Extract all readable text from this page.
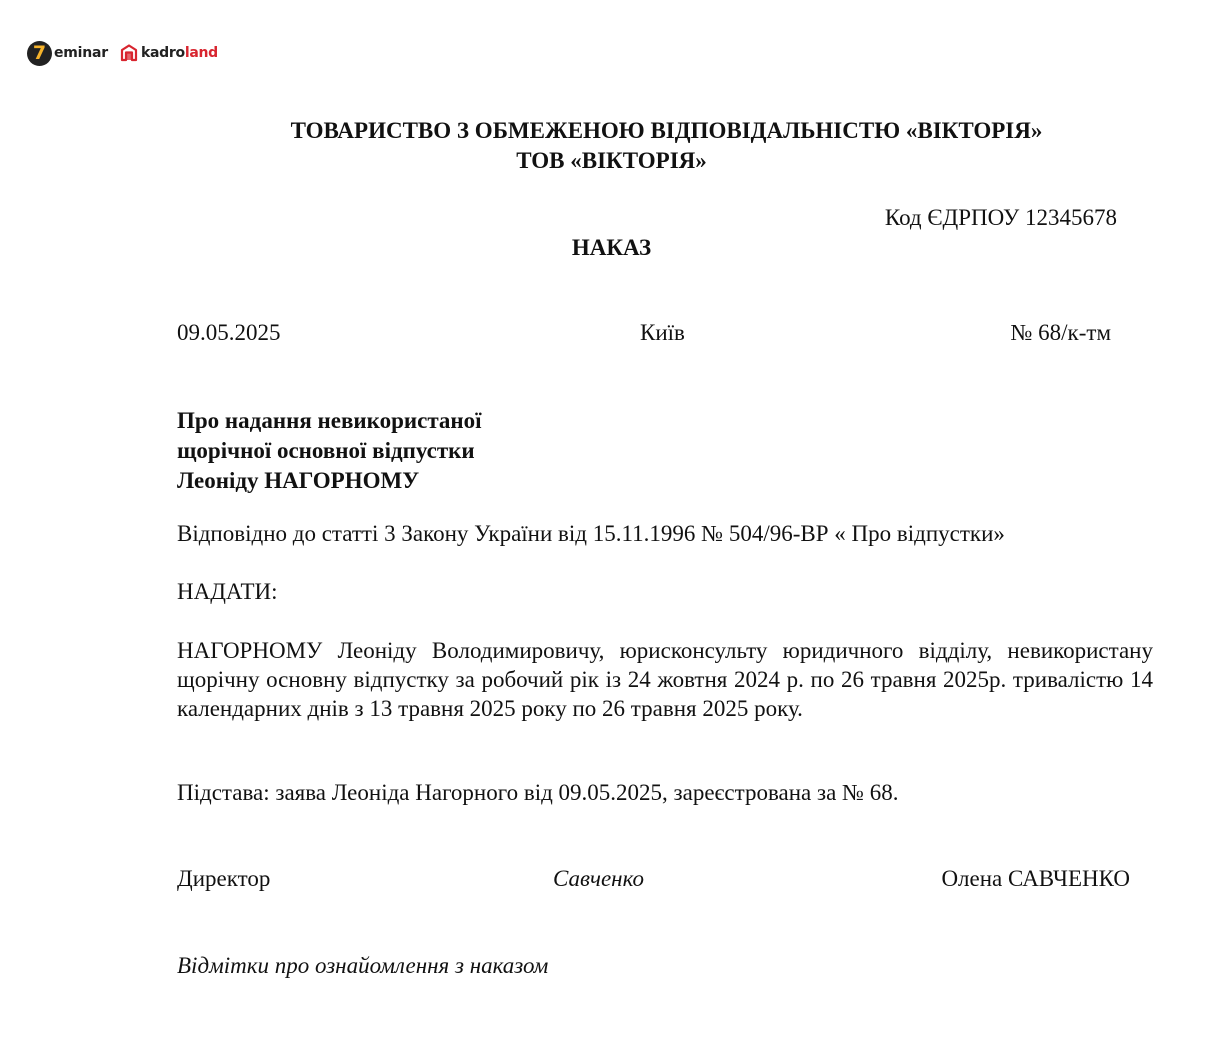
7 eminar kadroland
ТОВАРИСТВО З ОБМЕЖЕНОЮ ВІДПОВІДАЛЬНІСТЮ «ВІКТОРІЯ»
ТОВ «ВІКТОРІЯ»
Код ЄДРПОУ 12345678
НАКАЗ
09.05.2025	Київ	№ 68/к-тм
Про надання невикористаної
щорічної основної відпустки
Леоніду НАГОРНОМУ
Відповідно до статті 3 Закону України від 15.11.1996 № 504/96-ВР « Про відпустки»
НАДАТИ:
НАГОРНОМУ Леоніду Володимировичу, юрисконсульту юридичного відділу, невикористану щорічну основну відпустку за робочий рік із 24 жовтня 2024 р. по 26 травня 2025р. тривалістю 14 календарних днів з 13 травня 2025 року по 26 травня 2025 року.
Підстава: заява Леоніда Нагорного від 09.05.2025, зареєстрована за № 68.
Директор	Савченко	Олена САВЧЕНКО
Відмітки про ознайомлення з наказом
